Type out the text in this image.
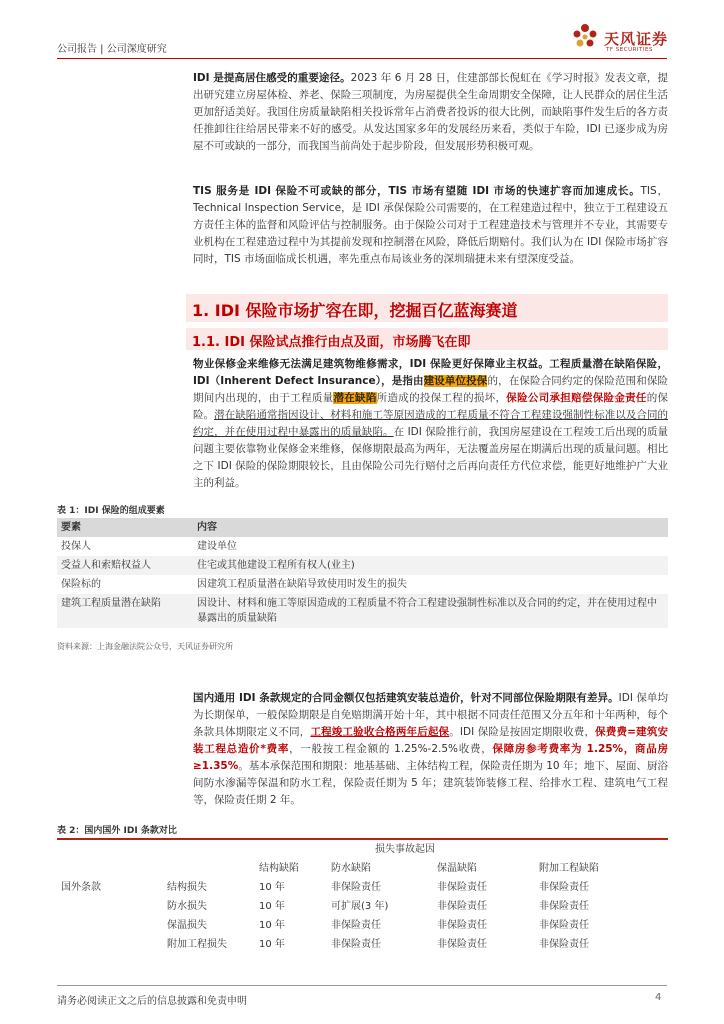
公司报告 | 公司深度研究
天风证券
TF SECURITIES
IDI 是提高居住感受的重要途径。2023 年 6 月 28 日，住建部部长倪虹在《学习时报》发表文章，提出研究建立房屋体检、养老、保险三项制度，为房屋提供全生命周期安全保障，让人民群众的居住生活更加舒适美好。我国住房质量缺陷相关投诉常年占消费者投诉的很大比例，而缺陷事件发生后的各方责任推卸往往给居民带来不好的感受。从发达国家多年的发展经历来看，类似于车险，IDI 已逐步成为房屋不可或缺的一部分，而我国当前尚处于起步阶段，但发展形势积极可观。
TIS 服务是 IDI 保险不可或缺的部分，TIS 市场有望随 IDI 市场的快速扩容而加速成长。TIS，Technical Inspection Service，是 IDI 承保保险公司需要的，在工程建造过程中，独立于工程建设五方责任主体的监督和风险评估与控制服务。由于保险公司对于工程建造技术与管理并不专业，其需要专业机构在工程建造过程中为其提前发现和控制潜在风险，降低后期赔付。我们认为在 IDI 保险市场扩容同时，TIS 市场面临成长机遇，率先重点布局该业务的深圳瑞捷未来有望深度受益。
1. IDI 保险市场扩容在即，挖掘百亿蓝海赛道
1.1. IDI 保险试点推行由点及面，市场腾飞在即
物业保修金来维修无法满足建筑物维修需求，IDI 保险更好保障业主权益。工程质量潜在缺陷保险，IDI（Inherent Defect Insurance），是指由建设单位投保的，在保险合同约定的保险范围和保险期间内出现的，由于工程质量潜在缺陷所造成的投保工程的损坏，保险公司承担赔偿保险金责任的保险。潜在缺陷通常指因设计、材料和施工等原因造成的工程质量不符合工程建设强制性标准以及合同的约定，并在使用过程中暴露出的质量缺陷。在 IDI 保险推行前，我国房屋建设在工程竣工后出现的质量问题主要依靠物业保修金来维修，保修期限最高为两年，无法覆盖房屋在期满后出现的质量问题。相比之下 IDI 保险的保险期限较长，且由保险公司先行赔付之后再向责任方代位求偿，能更好地维护广大业主的利益。
表 1：IDI 保险的组成要素
要素	内容
投保人	建设单位
受益人和索赔权益人	住宅或其他建设工程所有权人(业主)
保险标的	因建筑工程质量潜在缺陷导致使用时发生的损失
建筑工程质量潜在缺陷	因设计、材料和施工等原因造成的工程质量不符合工程建设强制性标准以及合同的约定，并在使用过程中暴露出的质量缺陷
资料来源：上海金融法院公众号，天风证券研究所
国内通用 IDI 条款规定的合同金额仅包括建筑安装总造价，针对不同部位保险期限有差异。IDI 保单均为长期保单，一般保险期限是自免赔期满开始十年，其中根据不同责任范围又分五年和十年两种，每个条款具体期限定义不同，工程竣工验收合格两年后起保。IDI 保险是按固定期限收费，保费费=建筑安装工程总造价*费率，一般按工程金额的 1.25%-2.5%收费，保障房参考费率为 1.25%，商品房≥1.35%。基本承保范围和期限：地基基础、主体结构工程，保险责任期为 10 年；地下、屋面、厨浴间防水渗漏等保温和防水工程，保险责任期为 5 年；建筑装饰装修工程、给排水工程、建筑电气工程等，保险责任期 2 年。
表 2：国内国外 IDI 条款对比
		损失事故起因			
		结构缺陷	防水缺陷	保温缺陷	附加工程缺陷
国外条款	结构损失	10 年	非保险责任	非保险责任	非保险责任
	防水损失	10 年	可扩展(3 年)	非保险责任	非保险责任
	保温损失	10 年	非保险责任	非保险责任	非保险责任
	附加工程损失	10 年	非保险责任	非保险责任	非保险责任
请务必阅读正文之后的信息披露和免责申明	4
